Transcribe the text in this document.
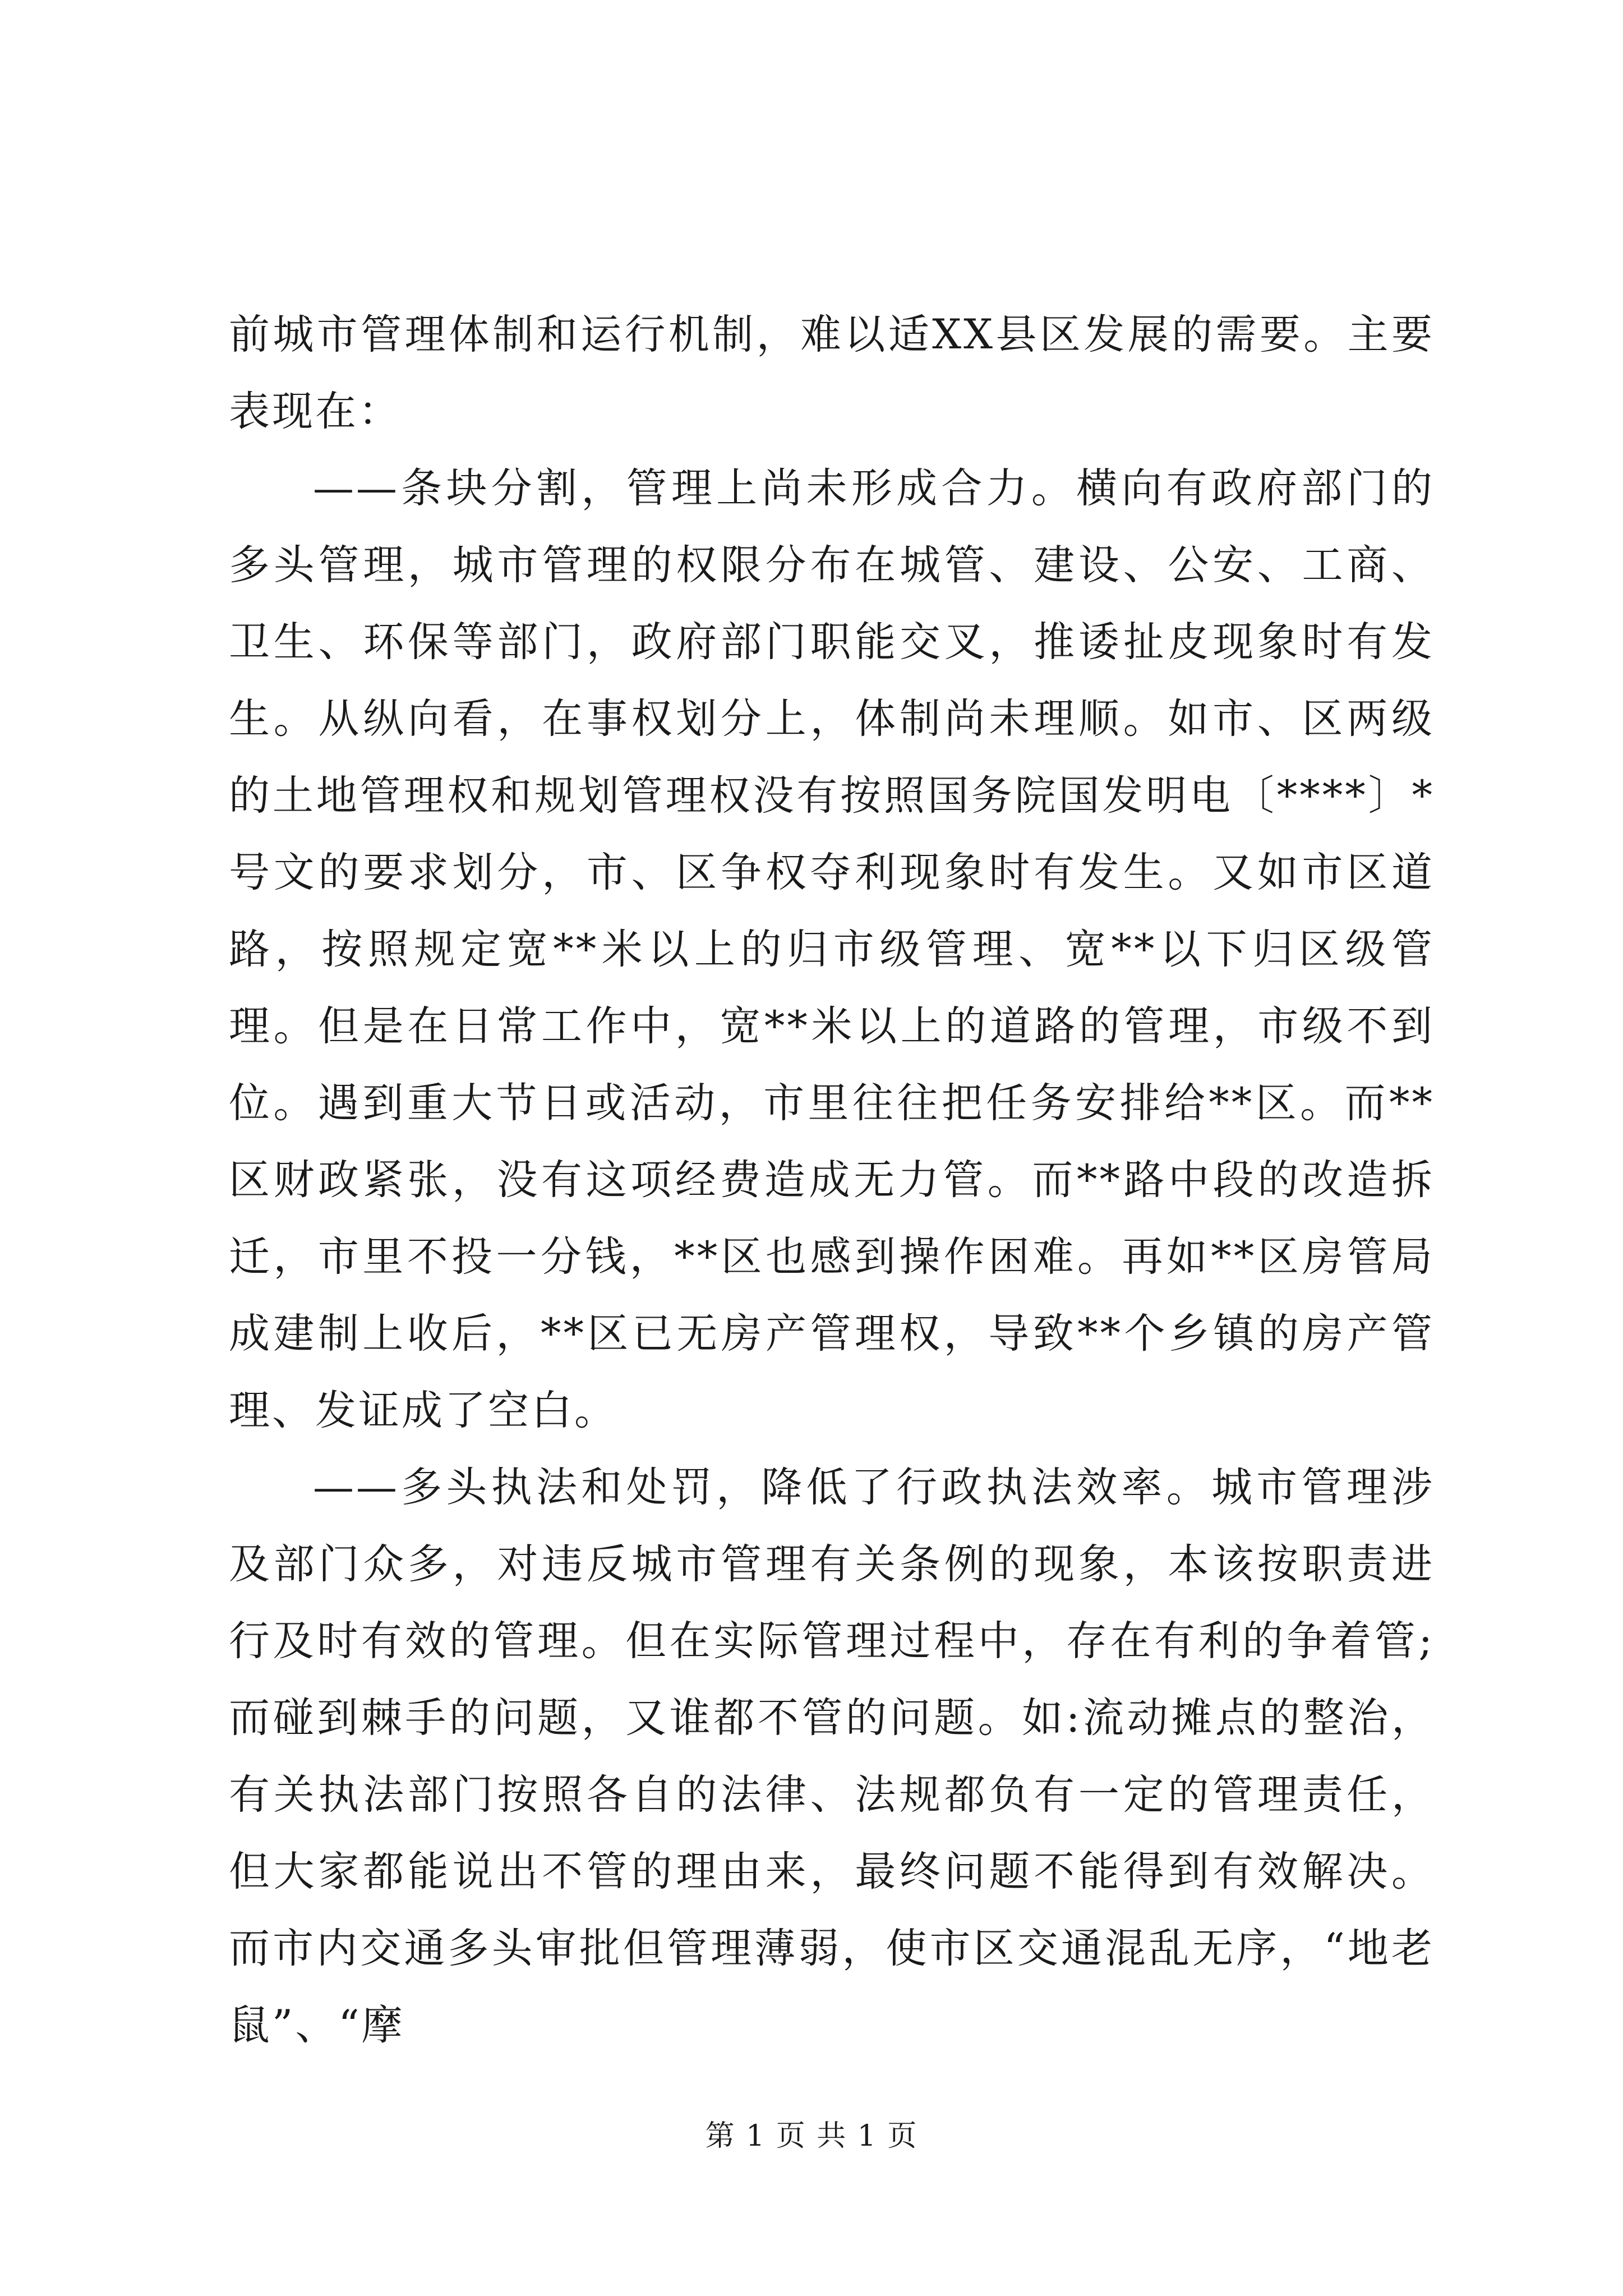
前城市管理体制和运行机制，难以适XX县区发展的需要。主要表现在：

——条块分割，管理上尚未形成合力。横向有政府部门的多头管理，城市管理的权限分布在城管、建设、公安、工商、卫生、环保等部门，政府部门职能交叉，推诿扯皮现象时有发生。从纵向看，在事权划分上，体制尚未理顺。如市、区两级的土地管理权和规划管理权没有按照国务院国发明电〔****〕*号文的要求划分，市、区争权夺利现象时有发生。又如市区道路，按照规定宽**米以上的归市级管理、宽**以下归区级管理。但是在日常工作中，宽**米以上的道路的管理，市级不到位。遇到重大节日或活动，市里往往把任务安排给**区。而**区财政紧张，没有这项经费造成无力管。而**路中段的改造拆迁，市里不投一分钱，**区也感到操作困难。再如**区房管局成建制上收后，**区已无房产管理权，导致**个乡镇的房产管理、发证成了空白。

——多头执法和处罚，降低了行政执法效率。城市管理涉及部门众多，对违反城市管理有关条例的现象，本该按职责进行及时有效的管理。但在实际管理过程中，存在有利的争着管;而碰到棘手的问题，又谁都不管的问题。如:流动摊点的整治，有关执法部门按照各自的法律、法规都负有一定的管理责任，但大家都能说出不管的理由来，最终问题不能得到有效解决。而市内交通多头审批但管理薄弱，使市区交通混乱无序，“地老鼠”、“摩

第 1 页 共 1 页
